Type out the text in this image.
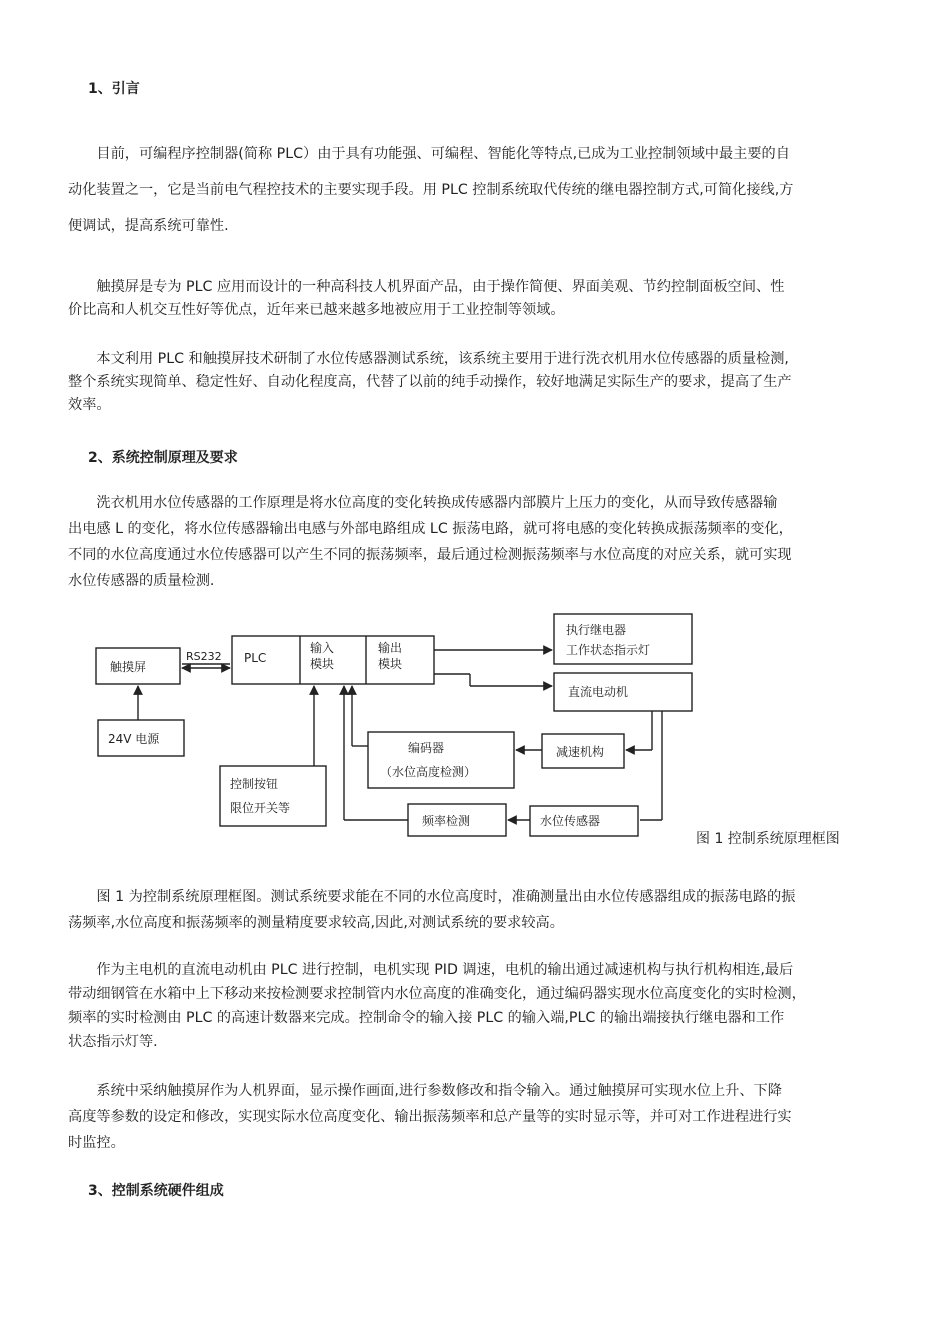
1、引言
　　目前，可编程序控制器(简称 PLC）由于具有功能强、可编程、智能化等特点,已成为工业控制领域中最主要的自
动化装置之一，它是当前电气程控技术的主要实现手段。用 PLC 控制系统取代传统的继电器控制方式,可简化接线,方
便调试，提高系统可靠性.
　　触摸屏是专为 PLC 应用而设计的一种高科技人机界面产品，由于操作简便、界面美观、节约控制面板空间、性
价比高和人机交互性好等优点，近年来已越来越多地被应用于工业控制等领域。
　　本文利用 PLC 和触摸屏技术研制了水位传感器测试系统，该系统主要用于进行洗衣机用水位传感器的质量检测,
整个系统实现简单、稳定性好、自动化程度高，代替了以前的纯手动操作，较好地满足实际生产的要求，提高了生产
效率。
2、系统控制原理及要求
　　洗衣机用水位传感器的工作原理是将水位高度的变化转换成传感器内部膜片上压力的变化，从而导致传感器输
出电感 L 的变化，将水位传感器输出电感与外部电路组成 LC 振荡电路，就可将电感的变化转换成振荡频率的变化，
不同的水位高度通过水位传感器可以产生不同的振荡频率，最后通过检测振荡频率与水位高度的对应关系，就可实现
水位传感器的质量检测.
触摸屏
RS232 PLC
输入
模块
输出
模块
执行继电器
工作状态指示灯
直流电动机
24V 电源
编码器
（水位高度检测）
减速机构
控制按钮
限位开关等
频率检测	水位传感器
图 1 控制系统原理框图
　　图 1 为控制系统原理框图。测试系统要求能在不同的水位高度时，准确测量出由水位传感器组成的振荡电路的振
荡频率,水位高度和振荡频率的测量精度要求较高,因此,对测试系统的要求较高。
　　作为主电机的直流电动机由 PLC 进行控制，电机实现 PID 调速，电机的输出通过减速机构与执行机构相连,最后
带动细钢管在水箱中上下移动来按检测要求控制管内水位高度的准确变化，通过编码器实现水位高度变化的实时检测，
频率的实时检测由 PLC 的高速计数器来完成。控制命令的输入接 PLC 的输入端,PLC 的输出端接执行继电器和工作
状态指示灯等.
　　系统中采纳触摸屏作为人机界面，显示操作画面,进行参数修改和指令输入。通过触摸屏可实现水位上升、下降
高度等参数的设定和修改，实现实际水位高度变化、输出振荡频率和总产量等的实时显示等，并可对工作进程进行实
时监控。
3、控制系统硬件组成
